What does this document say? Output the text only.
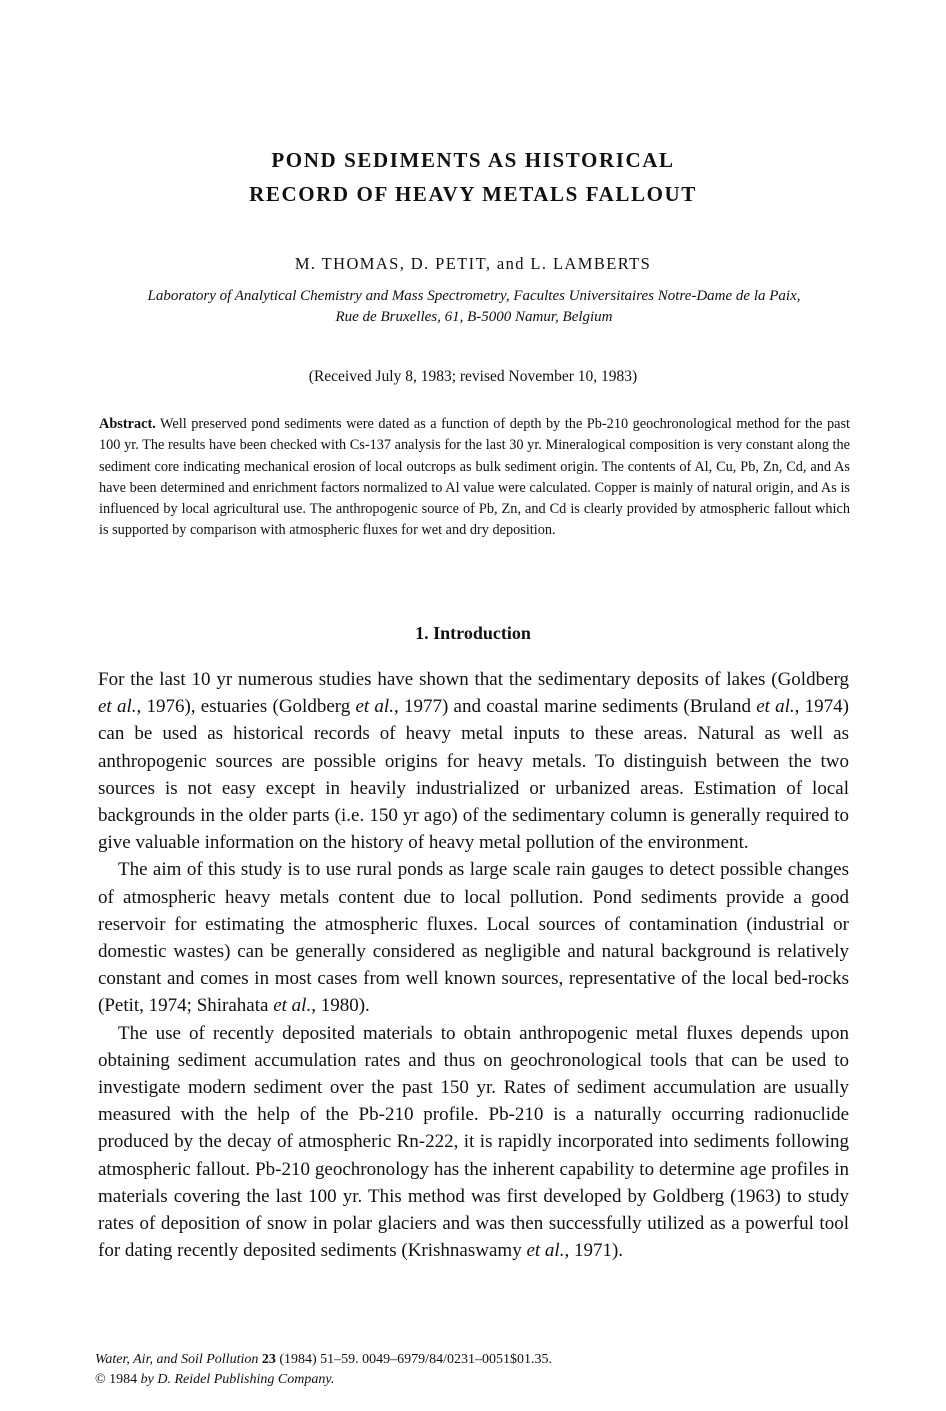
POND SEDIMENTS AS HISTORICAL
RECORD OF HEAVY METALS FALLOUT
M. THOMAS, D. PETIT, and L. LAMBERTS
Laboratory of Analytical Chemistry and Mass Spectrometry, Facultes Universitaires Notre-Dame de la Paix,
Rue de Bruxelles, 61, B-5000 Namur, Belgium
(Received July 8, 1983; revised November 10, 1983)

Abstract. Well preserved pond sediments were dated as a function of depth by the Pb-210 geochronological method for the past 100 yr. The results have been checked with Cs-137 analysis for the last 30 yr. Mineralogical composition is very constant along the sediment core indicating mechanical erosion of local outcrops as bulk sediment origin. The contents of Al, Cu, Pb, Zn, Cd, and As have been determined and enrichment factors normalized to Al value were calculated. Copper is mainly of natural origin, and As is influenced by local agricultural use. The anthropogenic source of Pb, Zn, and Cd is clearly provided by atmospheric fallout which is supported by comparison with atmospheric fluxes for wet and dry deposition.

1. Introduction

For the last 10 yr numerous studies have shown that the sedimentary deposits of lakes (Goldberg et al., 1976), estuaries (Goldberg et al., 1977) and coastal marine sediments (Bruland et al., 1974) can be used as historical records of heavy metal inputs to these areas. Natural as well as anthropogenic sources are possible origins for heavy metals. To distinguish between the two sources is not easy except in heavily industrialized or urbanized areas. Estimation of local backgrounds in the older parts (i.e. 150 yr ago) of the sedimentary column is generally required to give valuable information on the history of heavy metal pollution of the environment.

The aim of this study is to use rural ponds as large scale rain gauges to detect possible changes of atmospheric heavy metals content due to local pollution. Pond sediments provide a good reservoir for estimating the atmospheric fluxes. Local sources of contamination (industrial or domestic wastes) can be generally considered as negligible and natural background is relatively constant and comes in most cases from well known sources, representative of the local bed-rocks (Petit, 1974; Shirahata et al., 1980).

The use of recently deposited materials to obtain anthropogenic metal fluxes depends upon obtaining sediment accumulation rates and thus on geochronological tools that can be used to investigate modern sediment over the past 150 yr. Rates of sediment accumulation are usually measured with the help of the Pb-210 profile. Pb-210 is a naturally occurring radionuclide produced by the decay of atmospheric Rn-222, it is rapidly incorporated into sediments following atmospheric fallout. Pb-210 geochronology has the inherent capability to determine age profiles in materials covering the last 100 yr. This method was first developed by Goldberg (1963) to study rates of deposition of snow in polar glaciers and was then successfully utilized as a powerful tool for dating recently deposited sediments (Krishnaswamy et al., 1971).

Water, Air, and Soil Pollution 23 (1984) 51–59. 0049–6979/84/0231–0051$01.35.
© 1984 by D. Reidel Publishing Company.
